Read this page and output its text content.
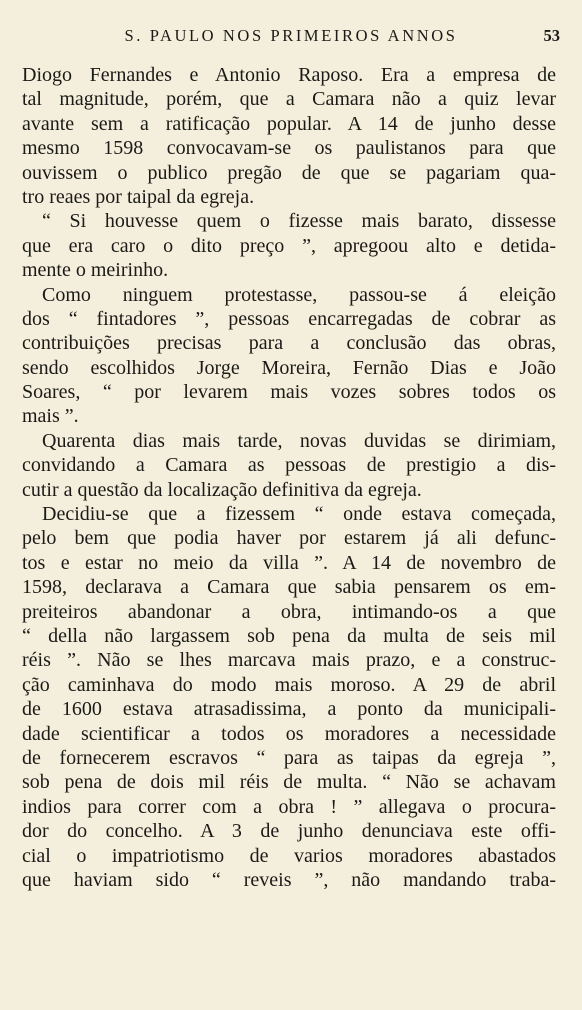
S. PAULO NOS PRIMEIROS ANNOS	53
Diogo Fernandes e Antonio Raposo. Era a empresa de
tal magnitude, porém, que a Camara não a quiz levar
avante sem a ratificação popular. A 14 de junho desse
mesmo 1598 convocavam-se os paulistanos para que
ouvissem o publico pregão de que se pagariam qua-
tro reaes por taipal da egreja.
“ Si houvesse quem o fizesse mais barato, dissesse
que era caro o dito preço ”, apregoou alto e detida-
mente o meirinho.
Como ninguem protestasse, passou-se á eleição
dos “ fintadores ”, pessoas encarregadas de cobrar as
contribuições precisas para a conclusão das obras,
sendo escolhidos Jorge Moreira, Fernão Dias e João
Soares, “ por levarem mais vozes sobres todos os
mais ”.
Quarenta dias mais tarde, novas duvidas se dirimiam,
convidando a Camara as pessoas de prestigio a dis-
cutir a questão da localização definitiva da egreja.
Decidiu-se que a fizessem “ onde estava começada,
pelo bem que podia haver por estarem já ali defunc-
tos e estar no meio da villa ”. A 14 de novembro de
1598, declarava a Camara que sabia pensarem os em-
preiteiros abandonar a obra, intimando-os a que
“ della não largassem sob pena da multa de seis mil
réis ”. Não se lhes marcava mais prazo, e a construc-
ção caminhava do modo mais moroso. A 29 de abril
de 1600 estava atrasadissima, a ponto da municipali-
dade scientificar a todos os moradores a necessidade
de fornecerem escravos “ para as taipas da egreja ”,
sob pena de dois mil réis de multa. “ Não se achavam
indios para correr com a obra ! ” allegava o procura-
dor do concelho. A 3 de junho denunciava este offi-
cial o impatriotismo de varios moradores abastados
que haviam sido “ reveis ”, não mandando traba-
